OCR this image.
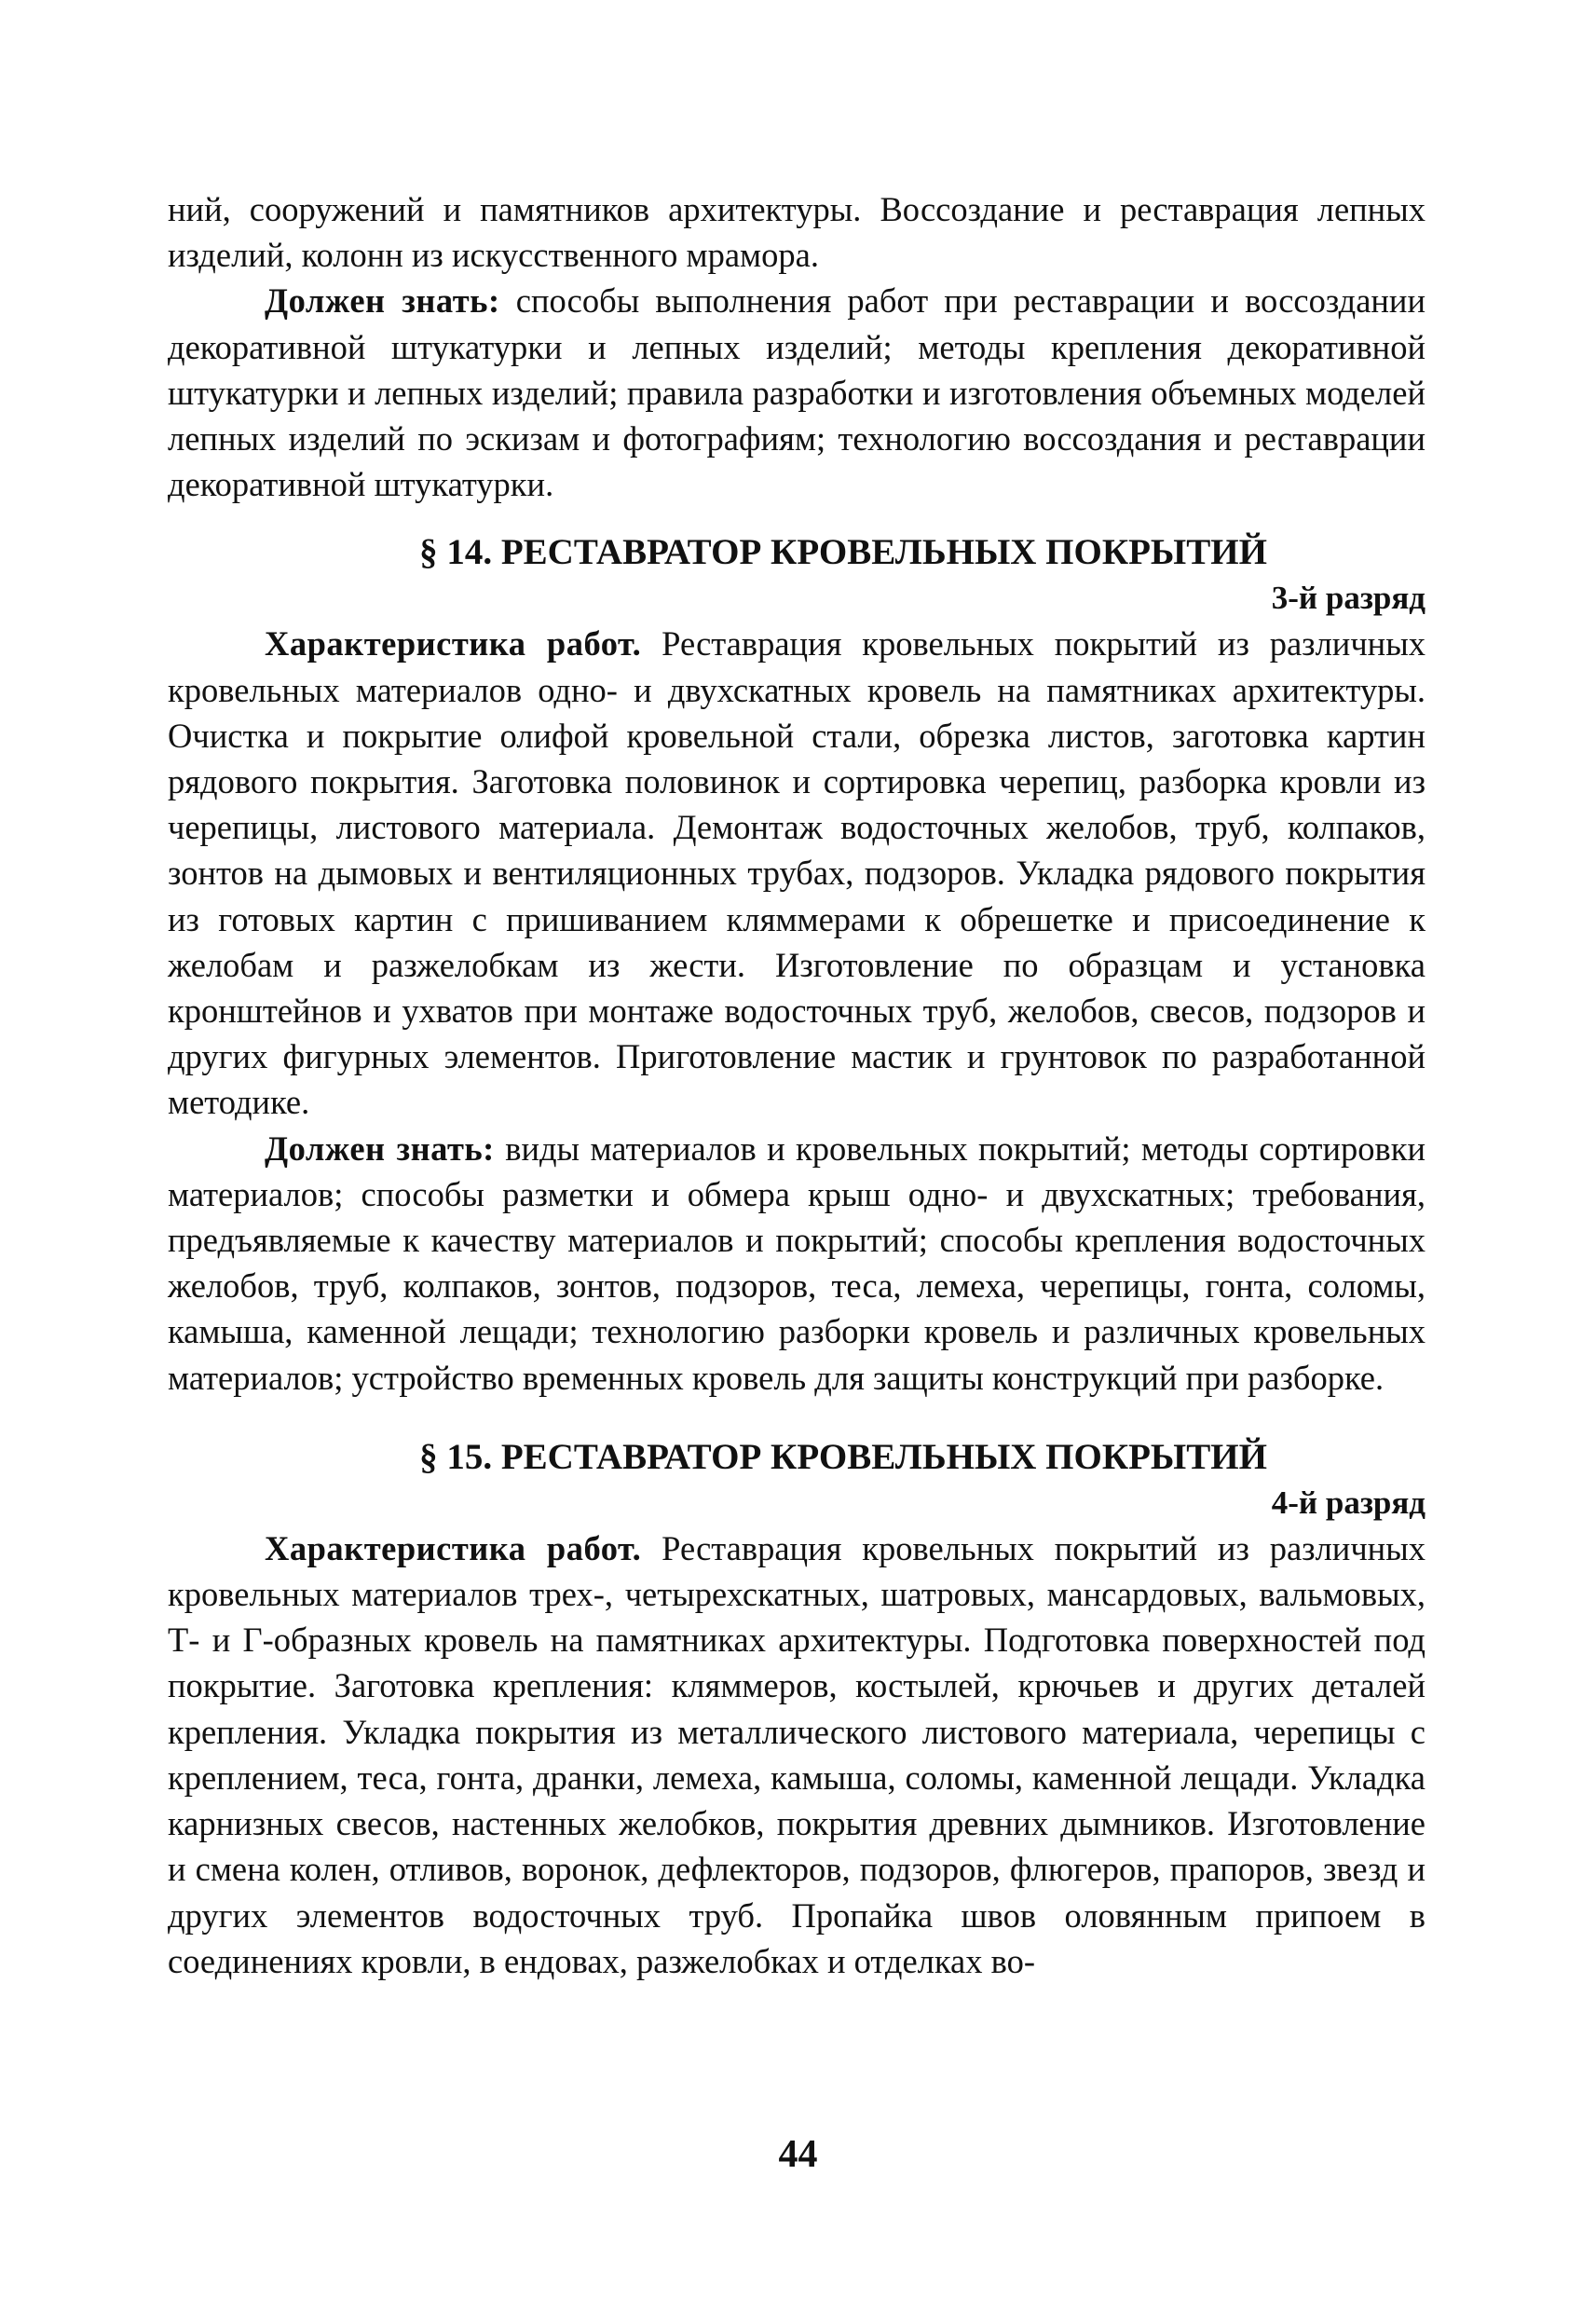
ний, сооружений и памятников архитектуры. Воссоздание и реставрация лепных изделий, колонн из искусственного мрамора.

Должен знать: способы выполнения работ при реставрации и воссоздании декоративной штукатурки и лепных изделий; методы крепления декоративной штукатурки и лепных изделий; правила разработки и изготовления объемных моделей лепных изделий по эскизам и фотографиям; технологию воссоздания и реставрации декоративной штукатурки.

§ 14. РЕСТАВРАТОР КРОВЕЛЬНЫХ ПОКРЫТИЙ

3-й разряд

Характеристика работ. Реставрация кровельных покрытий из различных кровельных материалов одно- и двухскатных кровель на памятниках архитектуры. Очистка и покрытие олифой кровельной стали, обрезка листов, заготовка картин рядового покрытия. Заготовка половинок и сортировка черепиц, разборка кровли из черепицы, листового материала. Демонтаж водосточных желобов, труб, колпаков, зонтов на дымовых и вентиляционных трубах, подзоров. Укладка рядового покрытия из готовых картин с пришиванием кляммерами к обрешетке и присоединение к желобам и разжелобкам из жести. Изготовление по образцам и установка кронштейнов и ухватов при монтаже водосточных труб, желобов, свесов, подзоров и других фигурных элементов. Приготовление мастик и грунтовок по разработанной методике.

Должен знать: виды материалов и кровельных покрытий; методы сортировки материалов; способы разметки и обмера крыш одно- и двухскатных; требования, предъявляемые к качеству материалов и покрытий; способы крепления водосточных желобов, труб, колпаков, зонтов, подзоров, теса, лемеха, черепицы, гонта, соломы, камыша, каменной лещади; технологию разборки кровель и различных кровельных материалов; устройство временных кровель для защиты конструкций при разборке.

§ 15. РЕСТАВРАТОР КРОВЕЛЬНЫХ ПОКРЫТИЙ

4-й разряд

Характеристика работ. Реставрация кровельных покрытий из различных кровельных материалов трех-, четырехскатных, шатровых, мансардовых, вальмовых, Т- и Г-образных кровель на памятниках архитектуры. Подготовка поверхностей под покрытие. Заготовка крепления: кляммеров, костылей, крючьев и других деталей крепления. Укладка покрытия из металлического листового материала, черепицы с креплением, теса, гонта, дранки, лемеха, камыша, соломы, каменной лещади. Укладка карнизных свесов, настенных желобков, покрытия древних дымников. Изготовление и смена колен, отливов, воронок, дефлекторов, подзоров, флюгеров, прапоров, звезд и других элементов водосточных труб. Пропайка швов оловянным припоем в соединениях кровли, в ендовах, разжелобках и отделках во-

44
